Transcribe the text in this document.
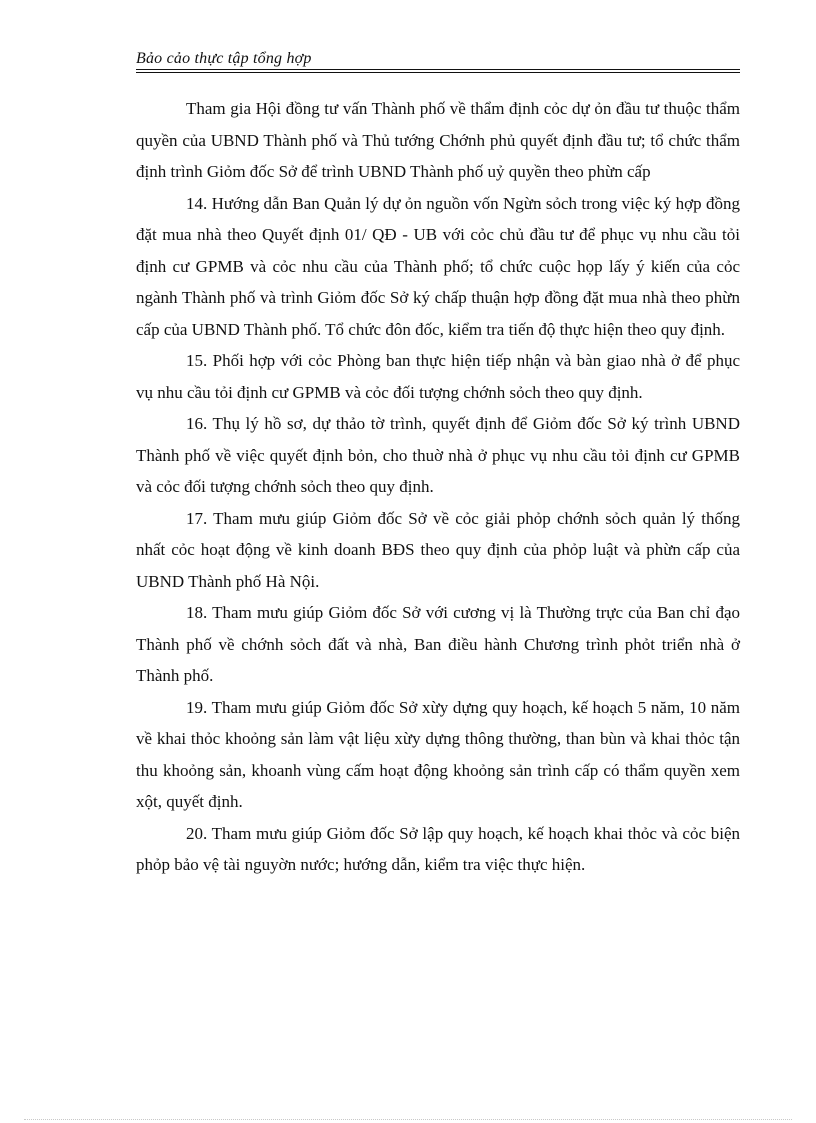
Bảo cảo thực tập tổng hợp

Tham gia Hội đồng tư vấn Thành phố về thẩm định cỏc dự ỏn đầu tư thuộc thẩm quyền của UBND Thành phố và Thủ tướng Chớnh phủ quyết định đầu tư; tổ chức thẩm định trình Giỏm đốc Sở để trình UBND Thành phố uỷ quyền theo phừn cấp

14. Hướng dẫn Ban Quản lý dự ỏn nguồn vốn Ngừn sỏch trong việc ký hợp đồng đặt mua nhà theo Quyết định 01/ QĐ - UB với cỏc chủ đầu tư để phục vụ nhu cầu tỏi định cư GPMB và cỏc nhu cầu của Thành phố; tổ chức cuộc họp lấy ý kiến của cỏc ngành Thành phố và trình Giỏm đốc Sở ký chấp thuận hợp đồng đặt mua nhà theo phừn cấp của UBND Thành phố. Tổ chức đôn đốc, kiểm tra tiến độ thực hiện theo quy định.

15. Phối hợp với cỏc Phòng ban thực hiện tiếp nhận và bàn giao nhà ở để phục vụ nhu cầu tỏi định cư GPMB và cỏc đối tượng chớnh sỏch theo quy định.

16. Thụ lý hồ sơ, dự thảo tờ trình, quyết định để Giỏm đốc Sở ký trình UBND Thành phố về việc quyết định bỏn, cho thuờ nhà ở phục vụ nhu cầu tỏi định cư GPMB và cỏc đối tượng chớnh sỏch theo quy định.

17. Tham mưu giúp Giỏm đốc Sở về cỏc giải phỏp chớnh sỏch quản lý thống nhất cỏc hoạt động về kinh doanh BĐS theo quy định của phỏp luật và phừn cấp của UBND Thành phố Hà Nội.

18. Tham mưu giúp Giỏm đốc Sở với cương vị là Thường trực của Ban chỉ đạo Thành phố về chớnh sỏch đất và nhà, Ban điều hành Chương trình phỏt triển nhà ở Thành phố.

19. Tham mưu giúp Giỏm đốc Sở xừy dựng quy hoạch, kế hoạch 5 năm, 10 năm về khai thỏc khoỏng sản làm vật liệu xừy dựng thông thường, than bùn và khai thỏc tận thu khoỏng sản, khoanh vùng cấm hoạt động khoỏng sản trình cấp có thẩm quyền xem xột, quyết định.

20. Tham mưu giúp Giỏm đốc Sở lập quy hoạch, kế hoạch khai thỏc và cỏc biện phỏp bảo vệ tài nguyờn nước; hướng dẫn, kiểm tra việc thực hiện.
